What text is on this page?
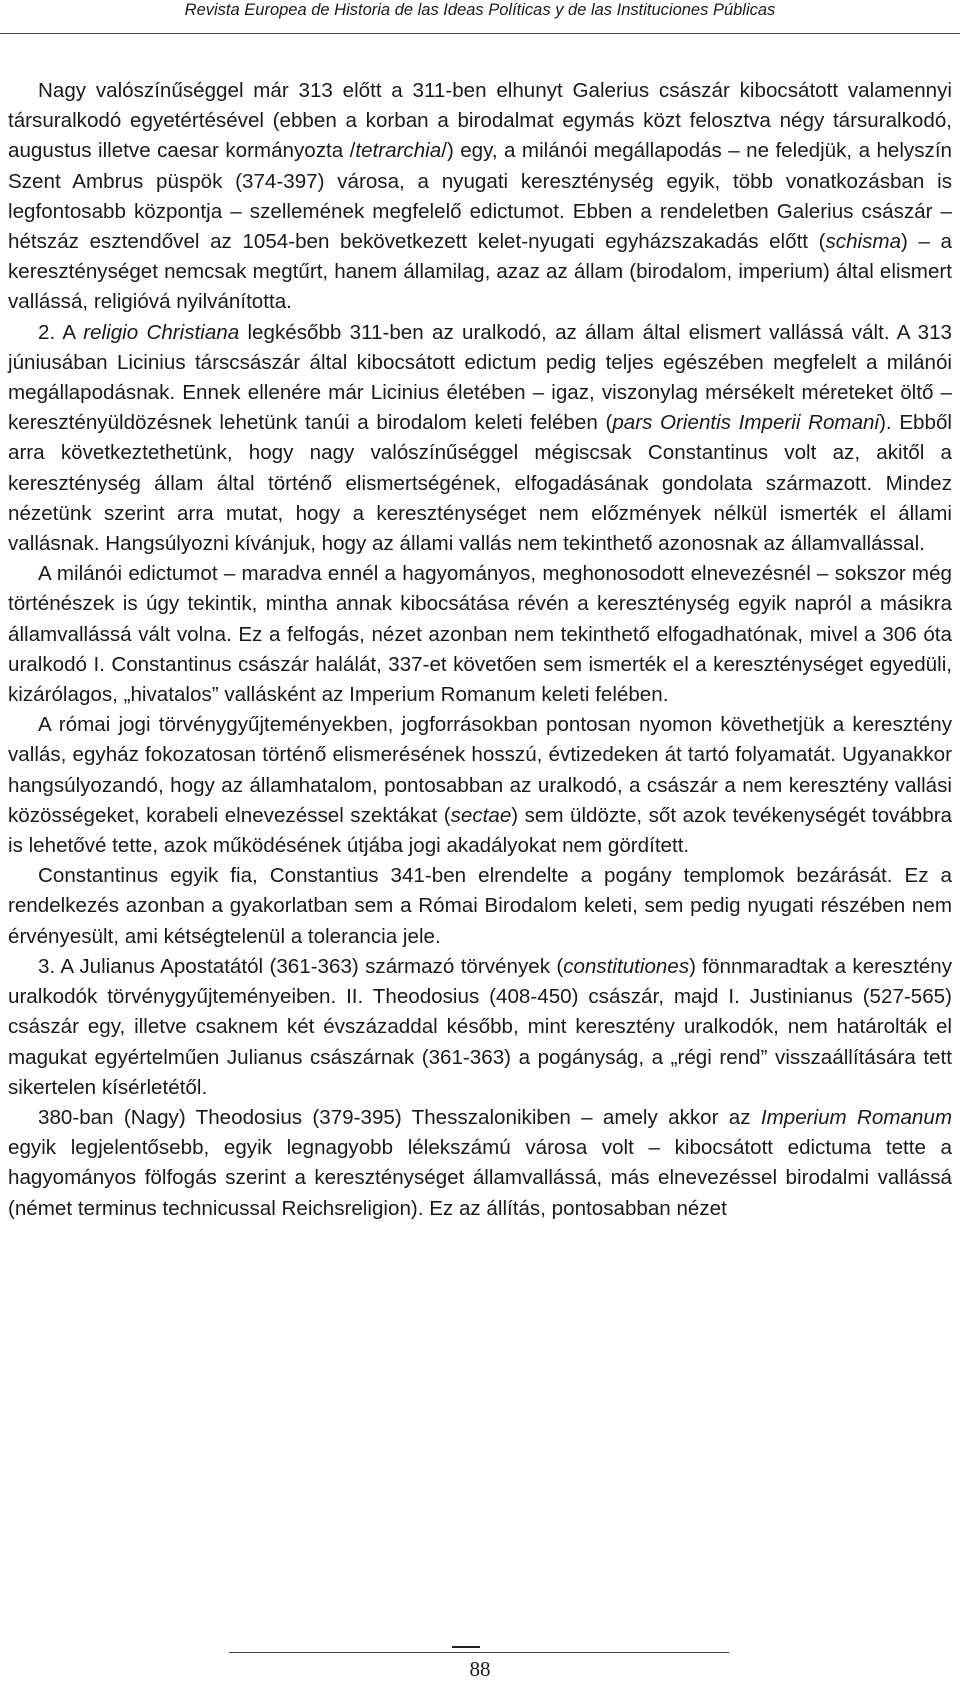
Revista Europea de Historia de las Ideas Políticas y de las Instituciones Públicas

Nagy valószínűséggel már 313 előtt a 311-ben elhunyt Galerius császár kibocsátott valamennyi társuralkodó egyetértésével (ebben a korban a birodalmat egymás közt felosztva négy társuralkodó, augustus illetve caesar kormányozta /tetrarchia/) egy, a milánói megállapodás – ne feledjük, a helyszín Szent Ambrus püspök (374-397) városa, a nyugati kereszténység egyik, több vonatkozásban is legfontosabb központja – szellemének megfelelő edictumot. Ebben a rendeletben Galerius császár – hétszáz esztendővel az 1054-ben bekövetkezett kelet-nyugati egyházszakadás előtt (schisma) – a kereszténységet nemcsak megtűrt, hanem államilag, azaz az állam (birodalom, imperium) által elismert vallássá, religióvá nyilvánította.

2. A religio Christiana legkésőbb 311-ben az uralkodó, az állam által elismert vallássá vált. A 313 júniusában Licinius társcsászár által kibocsátott edictum pedig teljes egészében megfelelt a milánói megállapodásnak. Ennek ellenére már Licinius életében – igaz, viszonylag mérsékelt méreteket öltő – keresztényüldözésnek lehetünk tanúi a birodalom keleti felében (pars Orientis Imperii Romani). Ebből arra következtethetünk, hogy nagy valószínűséggel mégiscsak Constantinus volt az, akitől a kereszténység állam által történő elismertségének, elfogadásának gondolata származott. Mindez nézetünk szerint arra mutat, hogy a kereszténységet nem előzmények nélkül ismerték el állami vallásnak. Hangsúlyozni kívánjuk, hogy az állami vallás nem tekinthető azonosnak az államvallással.

A milánói edictumot – maradva ennél a hagyományos, meghonosodott elnevezésnél – sokszor még történészek is úgy tekintik, mintha annak kibocsátása révén a kereszténység egyik napról a másikra államvallássá vált volna. Ez a felfogás, nézet azonban nem tekinthető elfogadhatónak, mivel a 306 óta uralkodó I. Constantinus császár halálát, 337-et követően sem ismerték el a kereszténységet egyedüli, kizárólagos, „hivatalos” vallásként az Imperium Romanum keleti felében.

A római jogi törvénygyűjteményekben, jogforrásokban pontosan nyomon követhetjük a keresztény vallás, egyház fokozatosan történő elismerésének hosszú, évtizedeken át tartó folyamatát. Ugyanakkor hangsúlyozandó, hogy az államhatalom, pontosabban az uralkodó, a császár a nem keresztény vallási közösségeket, korabeli elnevezéssel szektákat (sectae) sem üldözte, sőt azok tevékenységét továbbra is lehetővé tette, azok működésének útjába jogi akadályokat nem gördített.

Constantinus egyik fia, Constantius 341-ben elrendelte a pogány templomok bezárását. Ez a rendelkezés azonban a gyakorlatban sem a Római Birodalom keleti, sem pedig nyugati részében nem érvényesült, ami kétségtelenül a tolerancia jele.

3. A Julianus Apostatától (361-363) származó törvények (constitutiones) fönnmaradtak a keresztény uralkodók törvénygyűjteményeiben. II. Theodosius (408-450) császár, majd I. Justinianus (527-565) császár egy, illetve csaknem két évszázaddal később, mint keresztény uralkodók, nem határolták el magukat egyértelműen Julianus császárnak (361-363) a pogányság, a „régi rend” visszaállítására tett sikertelen kísérletétől.

380-ban (Nagy) Theodosius (379-395) Thesszalonikiben – amely akkor az Imperium Romanum egyik legjelentősebb, egyik legnagyobb lélekszámú városa volt – kibocsátott edictuma tette a hagyományos fölfogás szerint a kereszténységet államvallássá, más elnevezéssel birodalmi vallássá (német terminus technicussal Reichsreligion). Ez az állítás, pontosabban nézet

88
